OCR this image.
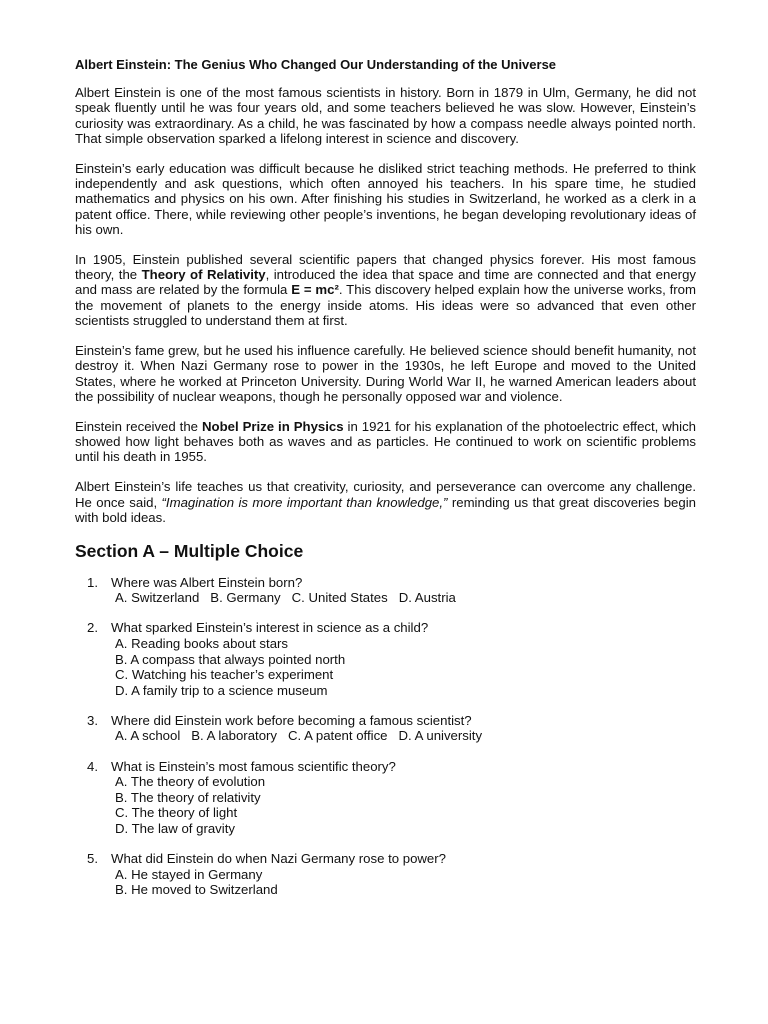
Albert Einstein: The Genius Who Changed Our Understanding of the Universe
Albert Einstein is one of the most famous scientists in history. Born in 1879 in Ulm, Germany, he did not speak fluently until he was four years old, and some teachers believed he was slow. However, Einstein’s curiosity was extraordinary. As a child, he was fascinated by how a compass needle always pointed north. That simple observation sparked a lifelong interest in science and discovery.
Einstein’s early education was difficult because he disliked strict teaching methods. He preferred to think independently and ask questions, which often annoyed his teachers. In his spare time, he studied mathematics and physics on his own. After finishing his studies in Switzerland, he worked as a clerk in a patent office. There, while reviewing other people’s inventions, he began developing revolutionary ideas of his own.
In 1905, Einstein published several scientific papers that changed physics forever. His most famous theory, the Theory of Relativity, introduced the idea that space and time are connected and that energy and mass are related by the formula E = mc². This discovery helped explain how the universe works, from the movement of planets to the energy inside atoms. His ideas were so advanced that even other scientists struggled to understand them at first.
Einstein’s fame grew, but he used his influence carefully. He believed science should benefit humanity, not destroy it. When Nazi Germany rose to power in the 1930s, he left Europe and moved to the United States, where he worked at Princeton University. During World War II, he warned American leaders about the possibility of nuclear weapons, though he personally opposed war and violence.
Einstein received the Nobel Prize in Physics in 1921 for his explanation of the photoelectric effect, which showed how light behaves both as waves and as particles. He continued to work on scientific problems until his death in 1955.
Albert Einstein’s life teaches us that creativity, curiosity, and perseverance can overcome any challenge. He once said, “Imagination is more important than knowledge,” reminding us that great discoveries begin with bold ideas.
Section A – Multiple Choice
1. Where was Albert Einstein born?
A. Switzerland B. Germany C. United States D. Austria
2. What sparked Einstein’s interest in science as a child?
A. Reading books about stars
B. A compass that always pointed north
C. Watching his teacher’s experiment
D. A family trip to a science museum
3. Where did Einstein work before becoming a famous scientist?
A. A school B. A laboratory C. A patent office D. A university
4. What is Einstein’s most famous scientific theory?
A. The theory of evolution
B. The theory of relativity
C. The theory of light
D. The law of gravity
5. What did Einstein do when Nazi Germany rose to power?
A. He stayed in Germany
B. He moved to Switzerland
